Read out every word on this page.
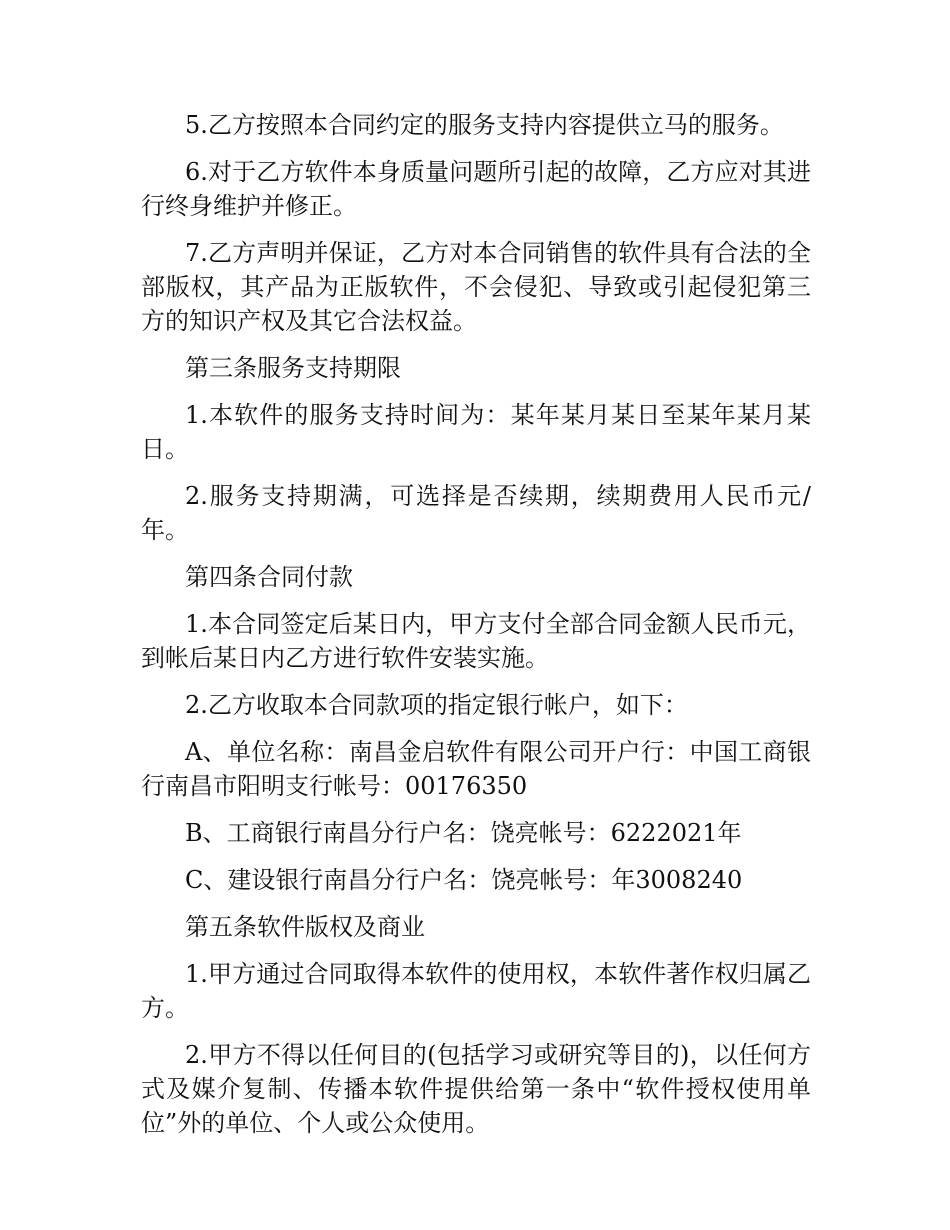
5.乙方按照本合同约定的服务支持内容提供立马的服务。

6.对于乙方软件本身质量问题所引起的故障，乙方应对其进行终身维护并修正。

7.乙方声明并保证，乙方对本合同销售的软件具有合法的全部版权，其产品为正版软件，不会侵犯、导致或引起侵犯第三方的知识产权及其它合法权益。

第三条服务支持期限

1.本软件的服务支持时间为：某年某月某日至某年某月某日。

2.服务支持期满，可选择是否续期，续期费用人民币元/年。

第四条合同付款

1.本合同签定后某日内，甲方支付全部合同金额人民币元，到帐后某日内乙方进行软件安装实施。

2.乙方收取本合同款项的指定银行帐户，如下：

A、单位名称：南昌金启软件有限公司开户行：中国工商银行南昌市阳明支行帐号：00176350

B、工商银行南昌分行户名：饶亮帐号：6222021年

C、建设银行南昌分行户名：饶亮帐号：年3008240

第五条软件版权及商业

1.甲方通过合同取得本软件的使用权，本软件著作权归属乙方。

2.甲方不得以任何目的(包括学习或研究等目的)，以任何方式及媒介复制、传播本软件提供给第一条中“软件授权使用单位”外的单位、个人或公众使用。
